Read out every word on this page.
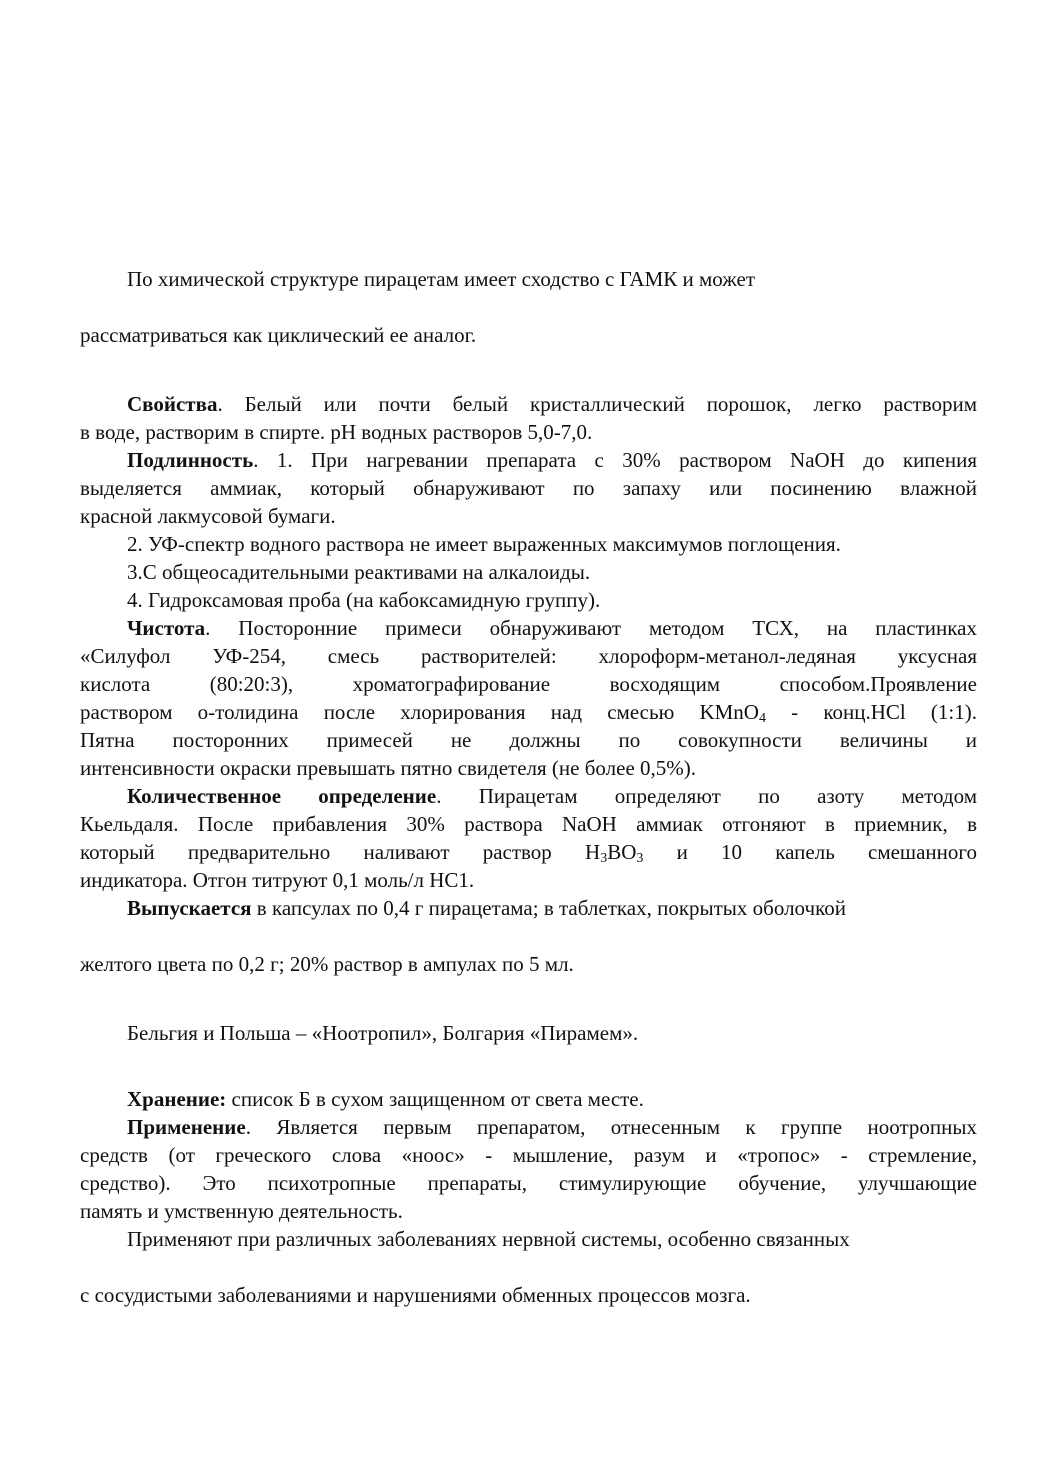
По химической структуре пирацетам имеет сходство с ГАМК и может

рассматриваться как циклический ее аналог.

Свойства. Белый или почти белый кристаллический порошок, легко растворим

в воде, растворим в спирте. pH водных растворов 5,0-7,0.

Подлинность. 1. При нагревании препарата с 30% раствором NaOH до кипения

выделяется аммиак, который обнаруживают по запаху или посинению влажной

красной лакмусовой бумаги.

2. УФ-спектр водного раствора не имеет выраженных максимумов поглощения.

3.С общеосадительными реактивами на алкалоиды.

4. Гидроксамовая проба (на кабоксамидную группу).

Чистота. Посторонние примеси обнаруживают методом ТСХ, на пластинках

«Силуфол УФ-254, смесь растворителей: хлороформ-метанол-ледяная уксусная

кислота (80:20:3), хроматографирование восходящим способом.Проявление

раствором о-толидина после хлорирования над смесью KMnO$_4$ - конц.HCl (1:1).

Пятна посторонних примесей не должны по совокупности величины и

интенсивности окраски превышать пятно свидетеля (не более 0,5%).

Количественное определение. Пирацетам определяют по азоту методом

Кьельдаля. После прибавления 30% раствора NaOH аммиак отгоняют в приемник, в

который предварительно наливают раствор $H_3BO_3$ и 10 капель смешанного

индикатора. Отгон титруют 0,1 моль/л HC1.

Выпускается в капсулах по 0,4 г пирацетама; в таблетках, покрытых оболочкой

желтого цвета по 0,2 г; 20% раствор в ампулах по 5 мл.

Бельгия и Польша – «Ноотропил», Болгария «Пирамем».

Хранение: список Б в сухом защищенном от света месте.

Применение. Является первым препаратом, отнесенным к группе ноотропных

средств (от греческого слова «ноос» - мышление, разум и «тропос» - стремление,

средство). Это психотропные препараты, стимулирующие обучение, улучшающие

память и умственную деятельность.

Применяют при различных заболеваниях нервной системы, особенно связанных

с сосудистыми заболеваниями и нарушениями обменных процессов мозга.
